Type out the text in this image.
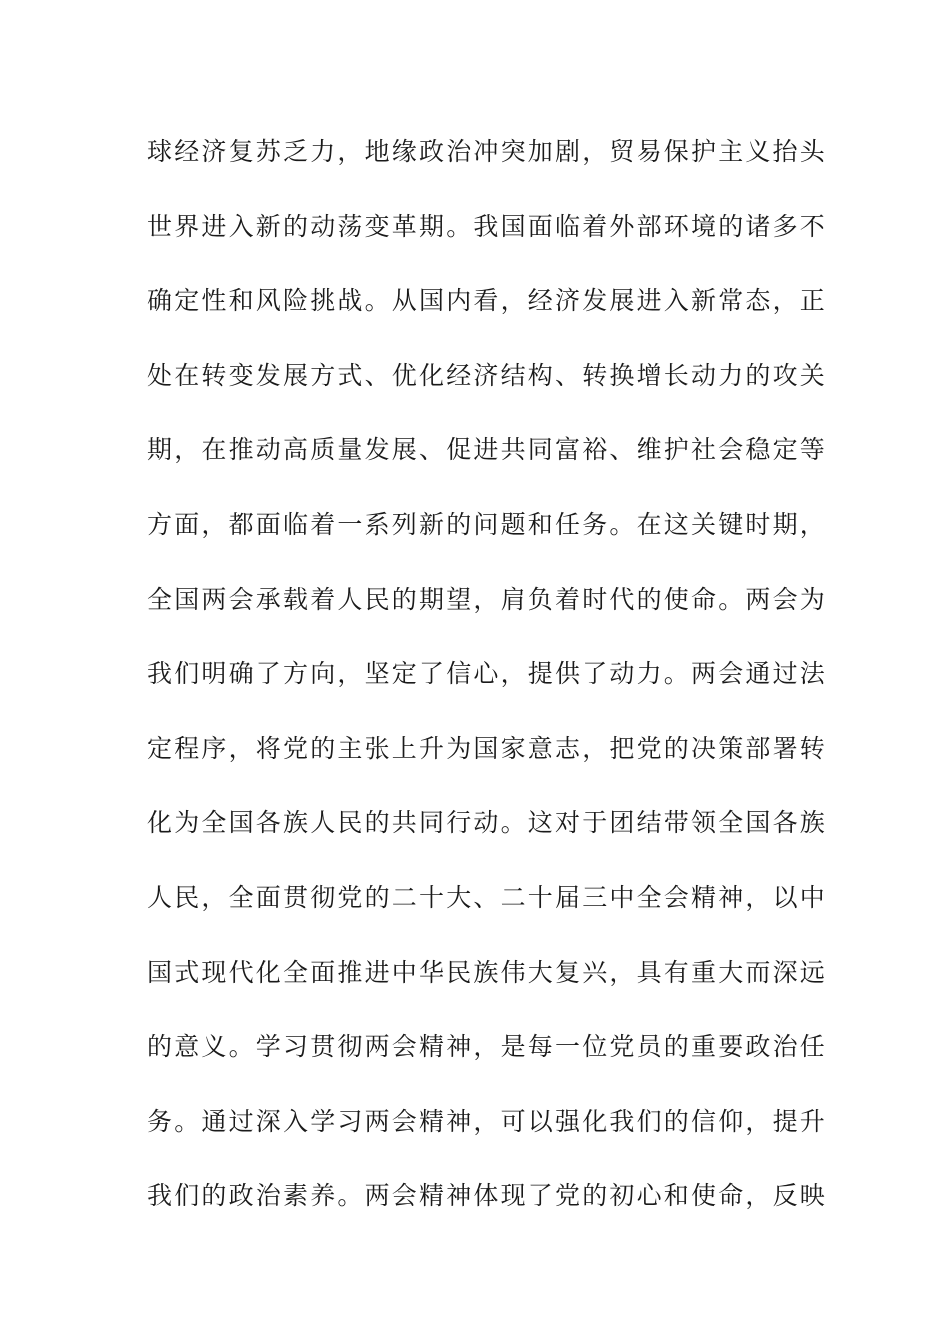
球经济复苏乏力，地缘政治冲突加剧，贸易保护主义抬头
世界进入新的动荡变革期。我国面临着外部环境的诸多不
确定性和风险挑战。从国内看，经济发展进入新常态，正
处在转变发展方式、优化经济结构、转换增长动力的攻关
期，在推动高质量发展、促进共同富裕、维护社会稳定等
方面，都面临着一系列新的问题和任务。在这关键时期，
全国两会承载着人民的期望，肩负着时代的使命。两会为
我们明确了方向，坚定了信心，提供了动力。两会通过法
定程序，将党的主张上升为国家意志，把党的决策部署转
化为全国各族人民的共同行动。这对于团结带领全国各族
人民，全面贯彻党的二十大、二十届三中全会精神，以中
国式现代化全面推进中华民族伟大复兴，具有重大而深远
的意义。学习贯彻两会精神，是每一位党员的重要政治任
务。通过深入学习两会精神，可以强化我们的信仰，提升
我们的政治素养。两会精神体现了党的初心和使命，反映
